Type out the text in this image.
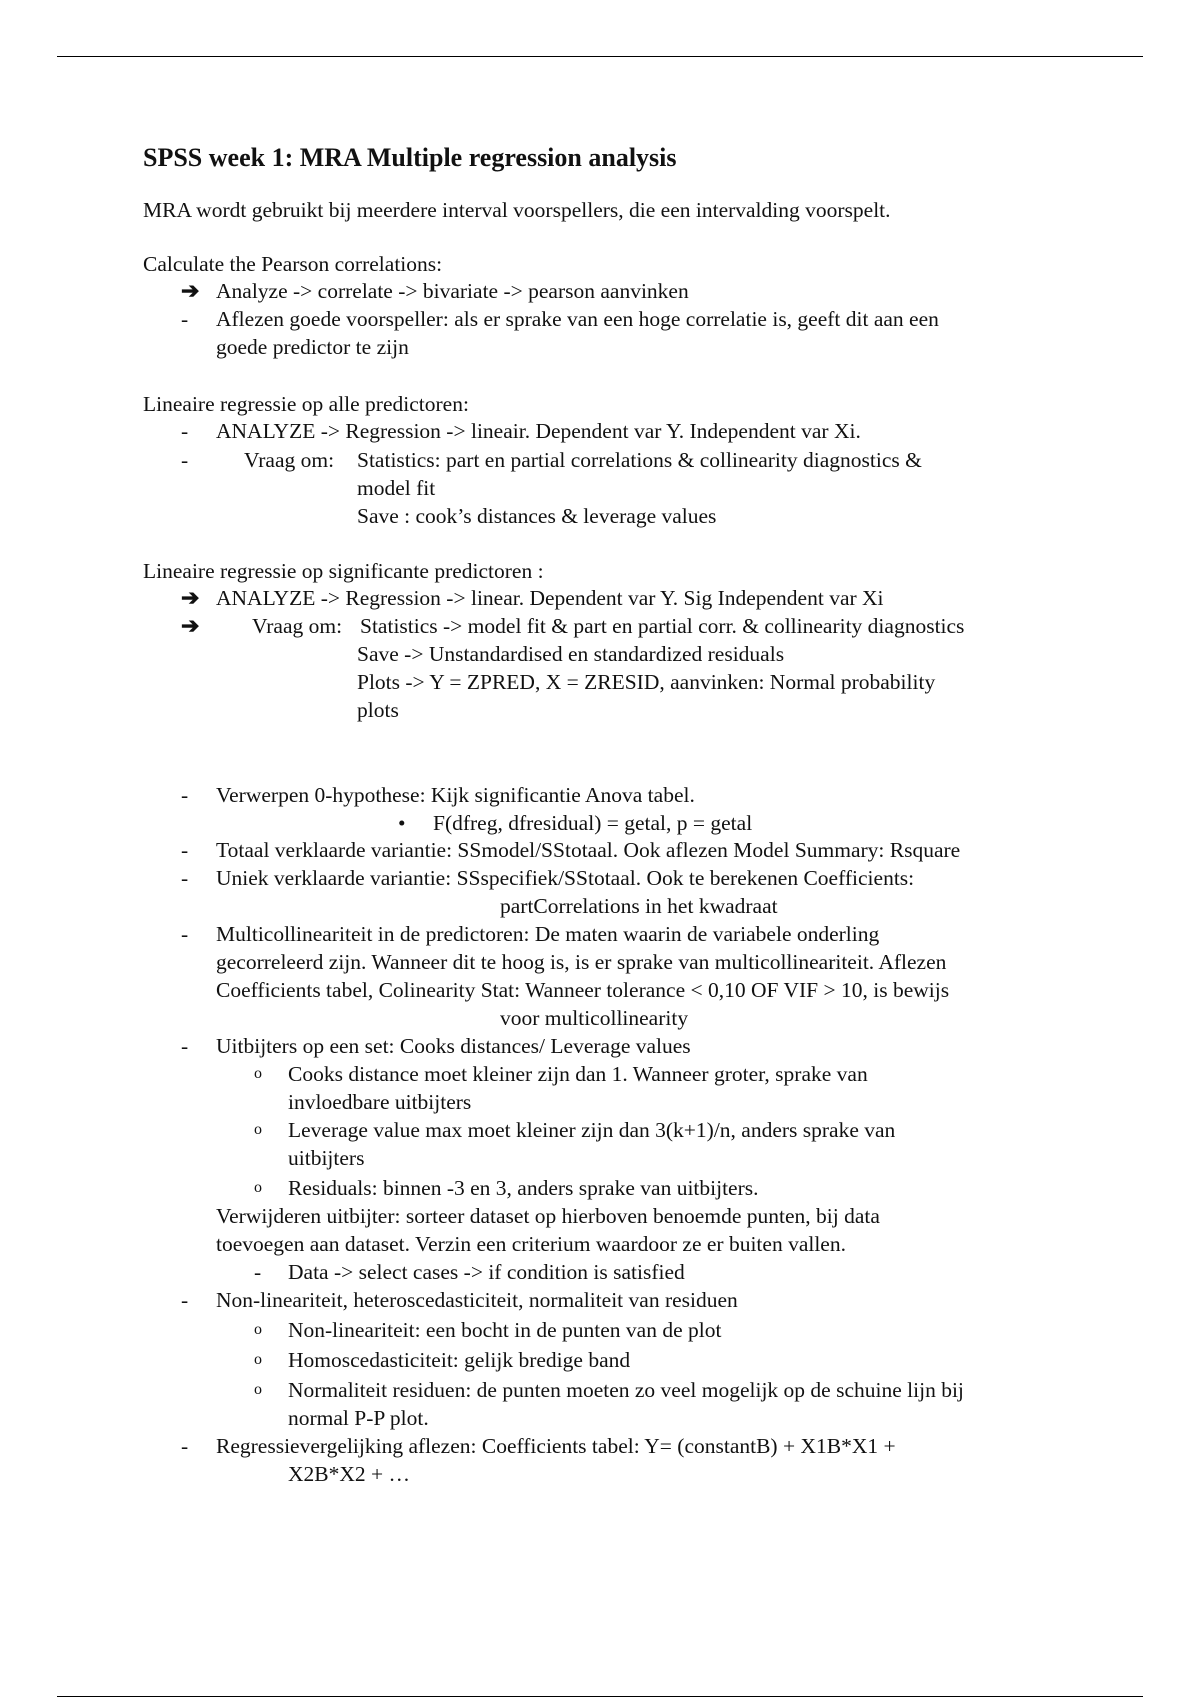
SPSS week 1: MRA Multiple regression analysis
MRA wordt gebruikt bij meerdere interval voorspellers, die een intervalding voorspelt.
Calculate the Pearson correlations:
➔ Analyze -> correlate -> bivariate -> pearson aanvinken
- Aflezen goede voorspeller: als er sprake van een hoge correlatie is, geeft dit aan een
goede predictor te zijn
Lineaire regressie op alle predictoren:
- ANALYZE -> Regression -> lineair. Dependent var Y. Independent var Xi.
-	Vraag om: Statistics: part en partial correlations & collinearity diagnostics &
model fit
Save : cook’s distances & leverage values
Lineaire regressie op significante predictoren :
➔ ANALYZE -> Regression -> linear. Dependent var Y. Sig Independent var Xi
➔ Vraag om: Statistics -> model fit & part en partial corr. & collinearity diagnostics
Save -> Unstandardised en standardized residuals
Plots -> Y = ZPRED, X = ZRESID, aanvinken: Normal probability
plots
- Verwerpen 0-hypothese: Kijk significantie Anova tabel.
• F(dfreg, dfresidual) = getal, p = getal
- Totaal verklaarde variantie: SSmodel/SStotaal. Ook aflezen Model Summary: Rsquare
- Uniek verklaarde variantie: SSspecifiek/SStotaal. Ook te berekenen Coefficients:
partCorrelations in het kwadraat
- Multicollineariteit in de predictoren: De maten waarin de variabele onderling
gecorreleerd zijn. Wanneer dit te hoog is, is er sprake van multicollineariteit. Aflezen
Coefficients tabel, Colinearity Stat: Wanneer tolerance < 0,10 OF VIF > 10, is bewijs
voor multicollinearity
- Uitbijters op een set: Cooks distances/ Leverage values
o Cooks distance moet kleiner zijn dan 1. Wanneer groter, sprake van
invloedbare uitbijters
o Leverage value max moet kleiner zijn dan 3(k+1)/n, anders sprake van
uitbijters
o Residuals: binnen -3 en 3, anders sprake van uitbijters.
Verwijderen uitbijter: sorteer dataset op hierboven benoemde punten, bij data
toevoegen aan dataset. Verzin een criterium waardoor ze er buiten vallen.
- Data -> select cases -> if condition is satisfied
- Non-lineariteit, heteroscedasticiteit, normaliteit van residuen
o Non-lineariteit: een bocht in de punten van de plot
o Homoscedasticiteit: gelijk bredige band
o Normaliteit residuen: de punten moeten zo veel mogelijk op de schuine lijn bij
normal P-P plot.
- Regressievergelijking aflezen: Coefficients tabel: Y= (constantB) + X1B*X1 +
X2B*X2 + …
